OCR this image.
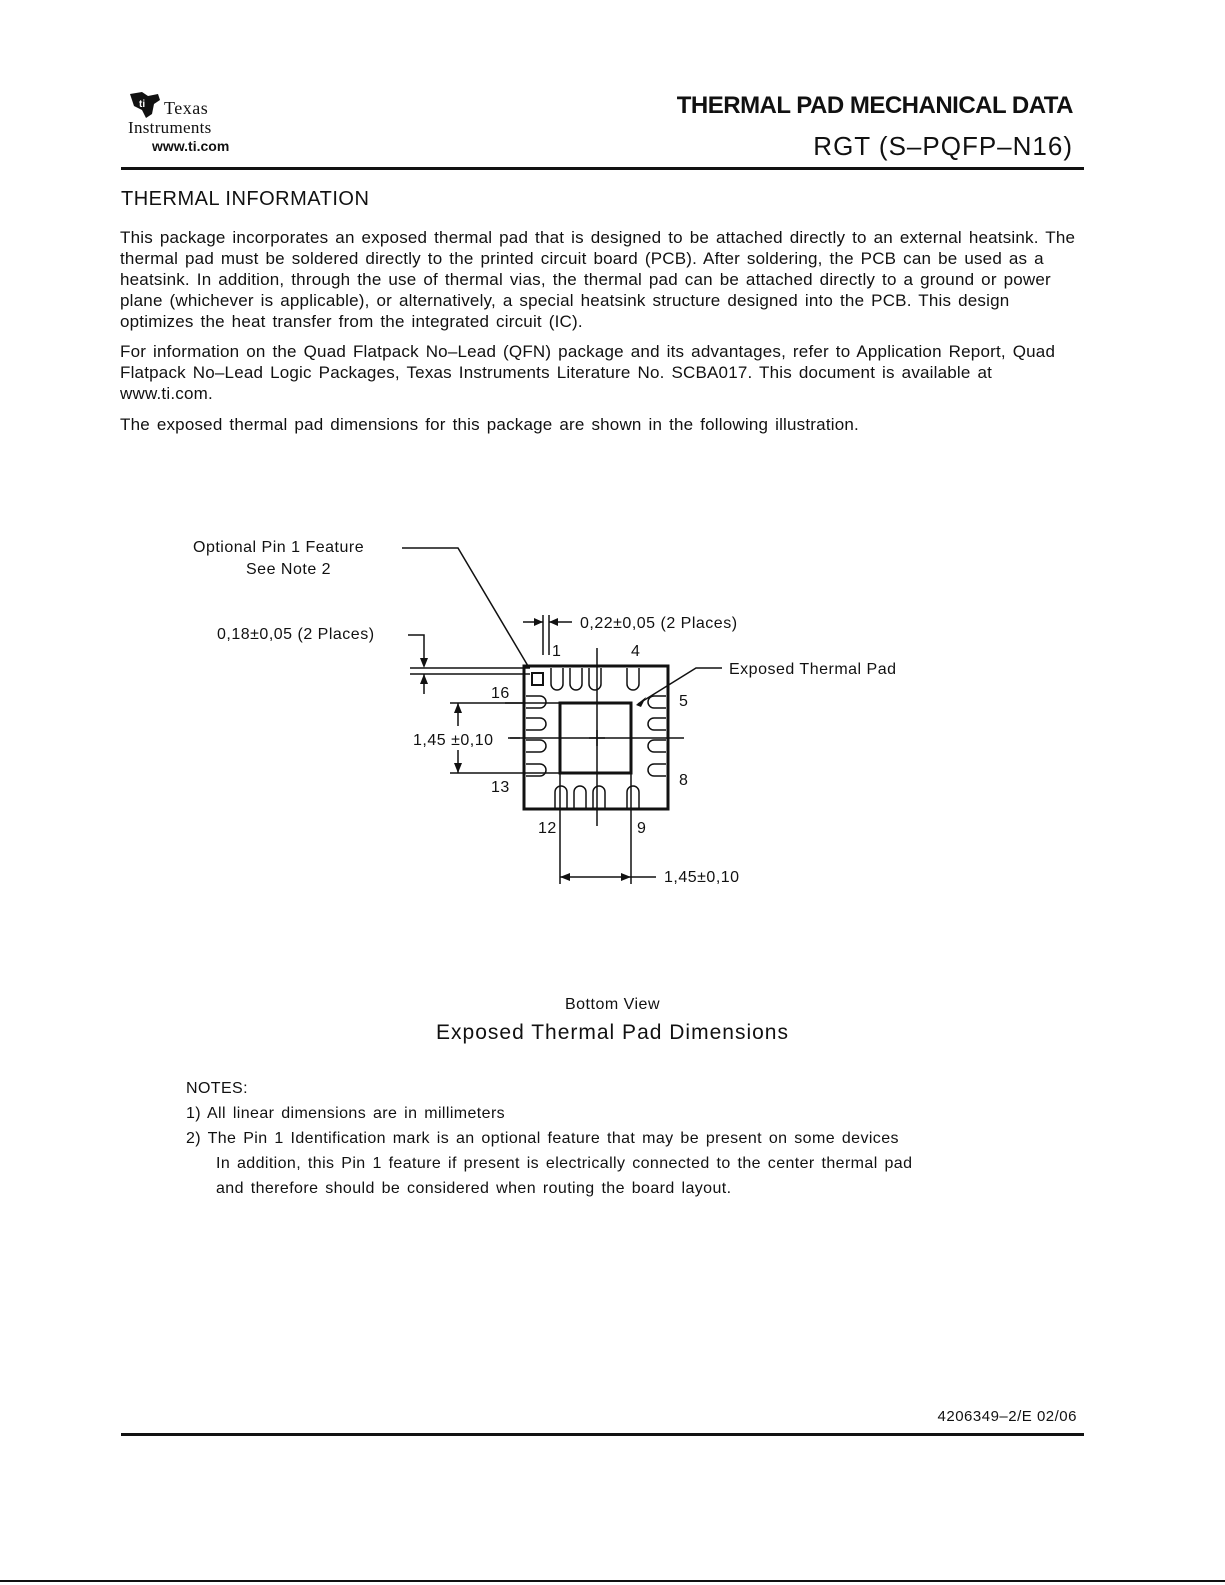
ti Texas
Instruments
www.ti.com
THERMAL PAD MECHANICAL DATA
RGT (S–PQFP–N16)
THERMAL INFORMATION
This package incorporates an exposed thermal pad that is designed to be attached directly to an external heatsink. The thermal pad must be soldered directly to the printed circuit board (PCB). After soldering, the PCB can be used as a heatsink. In addition, through the use of thermal vias, the thermal pad can be attached directly to a ground or power plane (whichever is applicable), or alternatively, a special heatsink structure designed into the PCB. This design optimizes the heat transfer from the integrated circuit (IC).
For information on the Quad Flatpack No–Lead (QFN) package and its advantages, refer to Application Report, Quad Flatpack No–Lead Logic Packages, Texas Instruments Literature No. SCBA017. This document is available at www.ti.com.
The exposed thermal pad dimensions for this package are shown in the following illustration.
Optional Pin 1 Feature
See Note 2
0,18±0,05 (2 Places)
0,22±0,05 (2 Places)
Exposed Thermal Pad
1,45 ±0,10
1,45±0,10
1	4
16	5
13	8
12	9
Bottom View
Exposed Thermal Pad Dimensions
NOTES:
1) All linear dimensions are in millimeters
2) The Pin 1 Identification mark is an optional feature that may be present on some devices
In addition, this Pin 1 feature if present is electrically connected to the center thermal pad
and therefore should be considered when routing the board layout.
4206349–2/E 02/06
